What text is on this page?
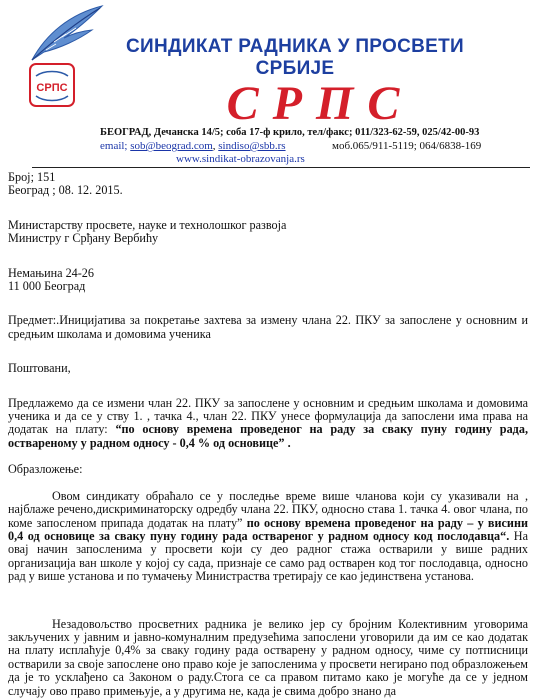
СРПС
СИНДИКАТ РАДНИКА У ПРОСВЕТИ
СРБИЈЕ
СРПС
БЕОГРАД, Дечанска 14/5; соба 17-ф крило, тел/факс; 011/323-62-59, 025/42-00-93
email; sob@beograd.com, sindiso@sbb.rs	моб.065/911-5119; 064/6838-169
www.sindikat-obrazovanja.rs

Број; 151

Београд ; 08. 12. 2015.

Министарству просвете, науке и технолошког развоја

Министру г Срђану Вербићу

Немањина 24-26

11 000 Београд

Предмет:.Иницијатива за покретање захтева за измену члана 22. ПКУ за запослене у основним и средњим школама и домовима ученика

Поштовани,

Предлажемо да се измени члан 22. ПКУ за запослене у основним и средњим школама и домовима ученика и да се у ству 1. , тачка 4., члан 22. ПКУ унесе формулација да запослени има права на додатак на плату: “по основу времена проведеног на раду за сваку пуну годину рада, оствареному у радном односу - 0,4 % од основице” .

Образложење:

Овом синдикату обраћало се у последње време више чланова који су указивали на , најблаже речено,дискриминаторску одредбу члана 22. ПКУ, односно става 1. тачка 4. овог члана, по коме запосленом припада додатак на плату” по основу времена проведеног на раду – у висини 0,4 од основице за сваку пуну годину рада оствареног у радном односу код послодавца“. На овај начин запосленима у просвети који су део радног стажа остварили у више радних организација ван школе у којој су сада, признаје се само рад остварен код тог послодавца, односно рад у више установа и по тумачењу Министраства третирају се као јединствена установа.

Незадовољство просветних радника је велико јер су бројним Колективним уговорима закључених у јавним и јавно-комуналним предузећима запослени уговорили да им се као додатак на плату исплаћује 0,4% за сваку годину рада остварену у радном односу, чиме су потписници остварили за своје запослене оно право које је запосленима у просвети негирано под образложењем да је то усклађено са Законом о раду.Стога се са правом питамо како је могуће да се у једном случају ово право примењује, а у другима не, када је свима добро знано да
